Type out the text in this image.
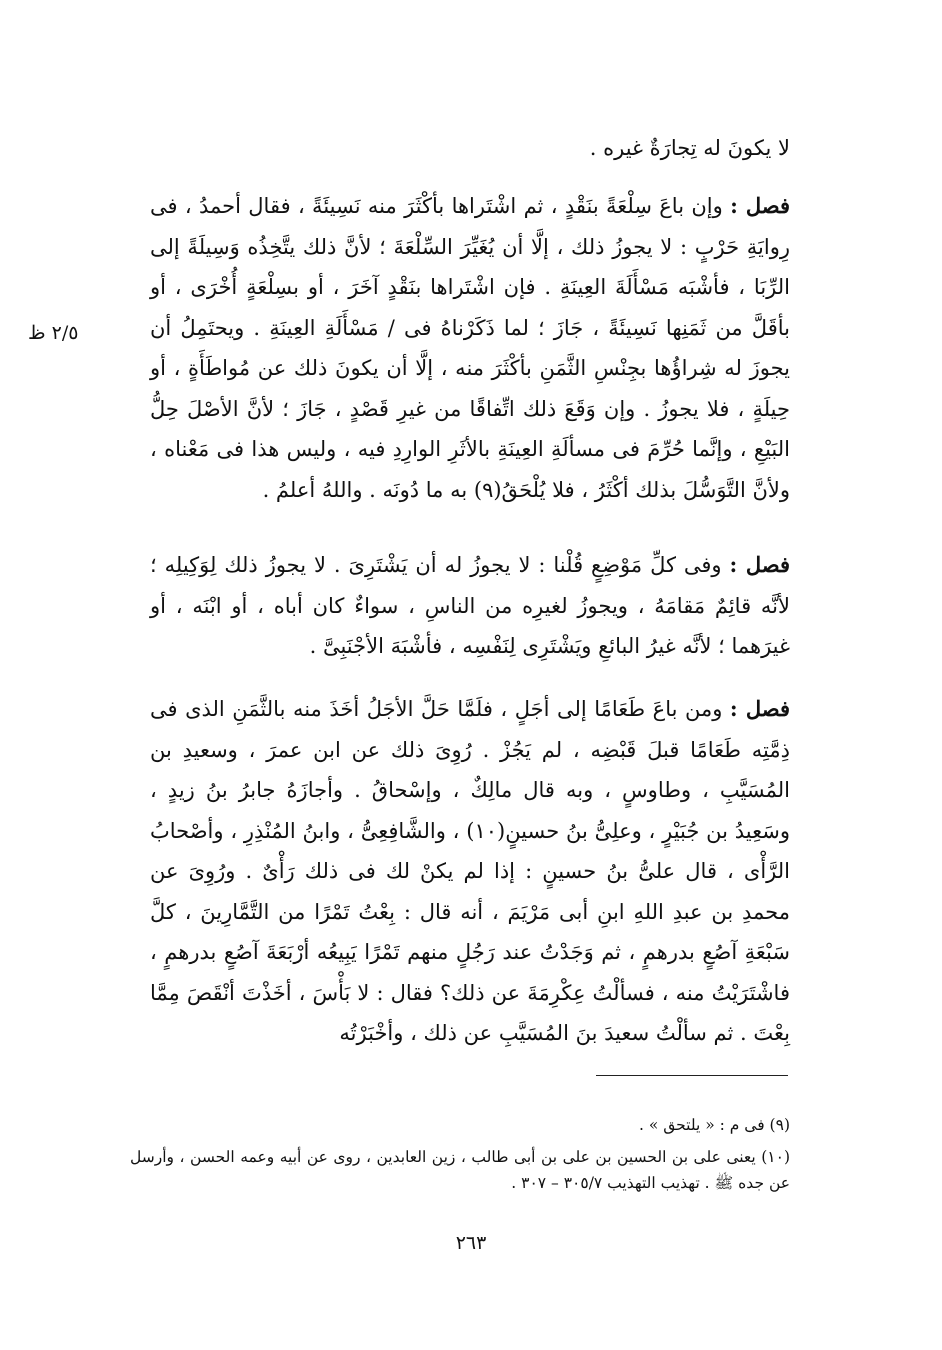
٢/٥ ظ

لا يكونَ له تِجارَةٌ غيره .

فصل : وإن باعَ سِلْعَةً بنَقْدٍ ، ثم اشْتَراها بأكْثَرَ منه نَسِيئَةً ، فقال أحمدُ ، فى رِوايَةِ حَرْبٍ : لا يجوزُ ذلك ، إلَّا أن يُغَيِّرَ السِّلْعَةَ ؛ لأنَّ ذلك يتَّخِذُه وَسِيلَةً إلى الرِّبَا ، فأشْبَه مَسْأَلَةَ العِينَةِ . فإن اشْتَراها بنَقْدٍ آخَرَ ، أو بسِلْعَةٍ أُخْرَى ، أو بأقَلَّ من ثَمَنِها نَسِيئَةً ، جَازَ ؛ لما ذَكَرْناهُ فى / مَسْأَلَةِ العِينَةِ . ويحتَمِلُ أن يجوزَ له شِراؤُها بجِنْسِ الثَّمَنِ بأكْثَرَ منه ، إلَّا أن يكونَ ذلك عن مُواطَأَةٍ ، أو حِيلَةٍ ، فلا يجوزُ . وإن وَقَعَ ذلك اتِّفاقًا من غيرِ قَصْدٍ ، جَازَ ؛ لأنَّ الأصْلَ حِلُّ البَيْعِ ، وإنَّما حُرِّمَ فى مسألَةِ العِينَةِ بالأثَرِ الوارِدِ فيه ، وليس هذا فى مَعْناه ، ولأنَّ التَّوَسُّلَ بذلك أكْثَرُ ، فلا يُلْحَقُ(٩) به ما دُونَه . واللهُ أعلمُ .

فصل : وفى كلِّ مَوْضِعٍ قُلْنا : لا يجوزُ له أن يَشْتَرِىَ . لا يجوزُ ذلك لِوَكِيلِه ؛ لأنَّه قائِمٌ مَقامَهُ ، ويجوزُ لغيرِه من الناسِ ، سواءٌ كان أباه ، أو ابْنَه ، أو غيرَهما ؛ لأنَّه غيرُ البائعِ ويَشْتَرِى لِنَفْسِه ، فأشْبَهَ الأجْنَبِىَّ .

فصل : ومن باعَ طَعَامًا إلى أجَلٍ ، فلَمَّا حَلَّ الأجَلُ أخَذَ منه بالثَّمَنِ الذى فى ذِمَّتِه طَعَامًا قبلَ قَبْضِه ، لم يَجُزْ . رُوِىَ ذلك عن ابن عمرَ ، وسعيدِ بن المُسَيَّبِ ، وطاوسٍ ، وبه قال مالِكٌ ، وإسْحاقُ . وأجازَهُ جابرُ بنُ زيدٍ ، وسَعِيدُ بن جُبَيْرٍ ، وعلِىُّ بنُ حسينٍ(١٠) ، والشَّافِعِىُّ ، وابنُ المُنْذِرِ ، وأصْحابُ الرَّأْى ، قال علىُّ بنُ حسينٍ : إذا لم يكنْ لك فى ذلك رَأْىٌ . ورُوِىَ عن محمدِ بن عبدِ اللهِ ابنِ أبى مَرْيَمَ ، أنه قال : بِعْتُ تَمْرًا من التَّمَّارِينَ ، كلَّ سَبْعَةِ آصُعٍ بدرهمٍ ، ثم وَجَدْتُ عند رَجُلٍ منهم تَمْرًا يَبِيعُه أرْبَعَةَ آصُعٍ بدرهمٍ ، فاشْتَرَيْتُ منه ، فسألْتُ عِكْرِمَةَ عن ذلك؟ فقال : لا بَأْسَ ، أخَذْتَ أنْقَصَ مِمَّا بِعْتَ . ثم سألْتُ سعيدَ بنَ المُسَيَّبِ عن ذلك ، وأخْبَرْتُه

(٩) فى م : « يلتحق » .

(١٠) يعنى على بن الحسين بن على بن أبى طالب ، زين العابدين ، روى عن أبيه وعمه الحسن ، وأرسل عن جده ﷺ . تهذيب التهذيب ٣٠٥/٧ – ٣٠٧ .

٢٦٣
